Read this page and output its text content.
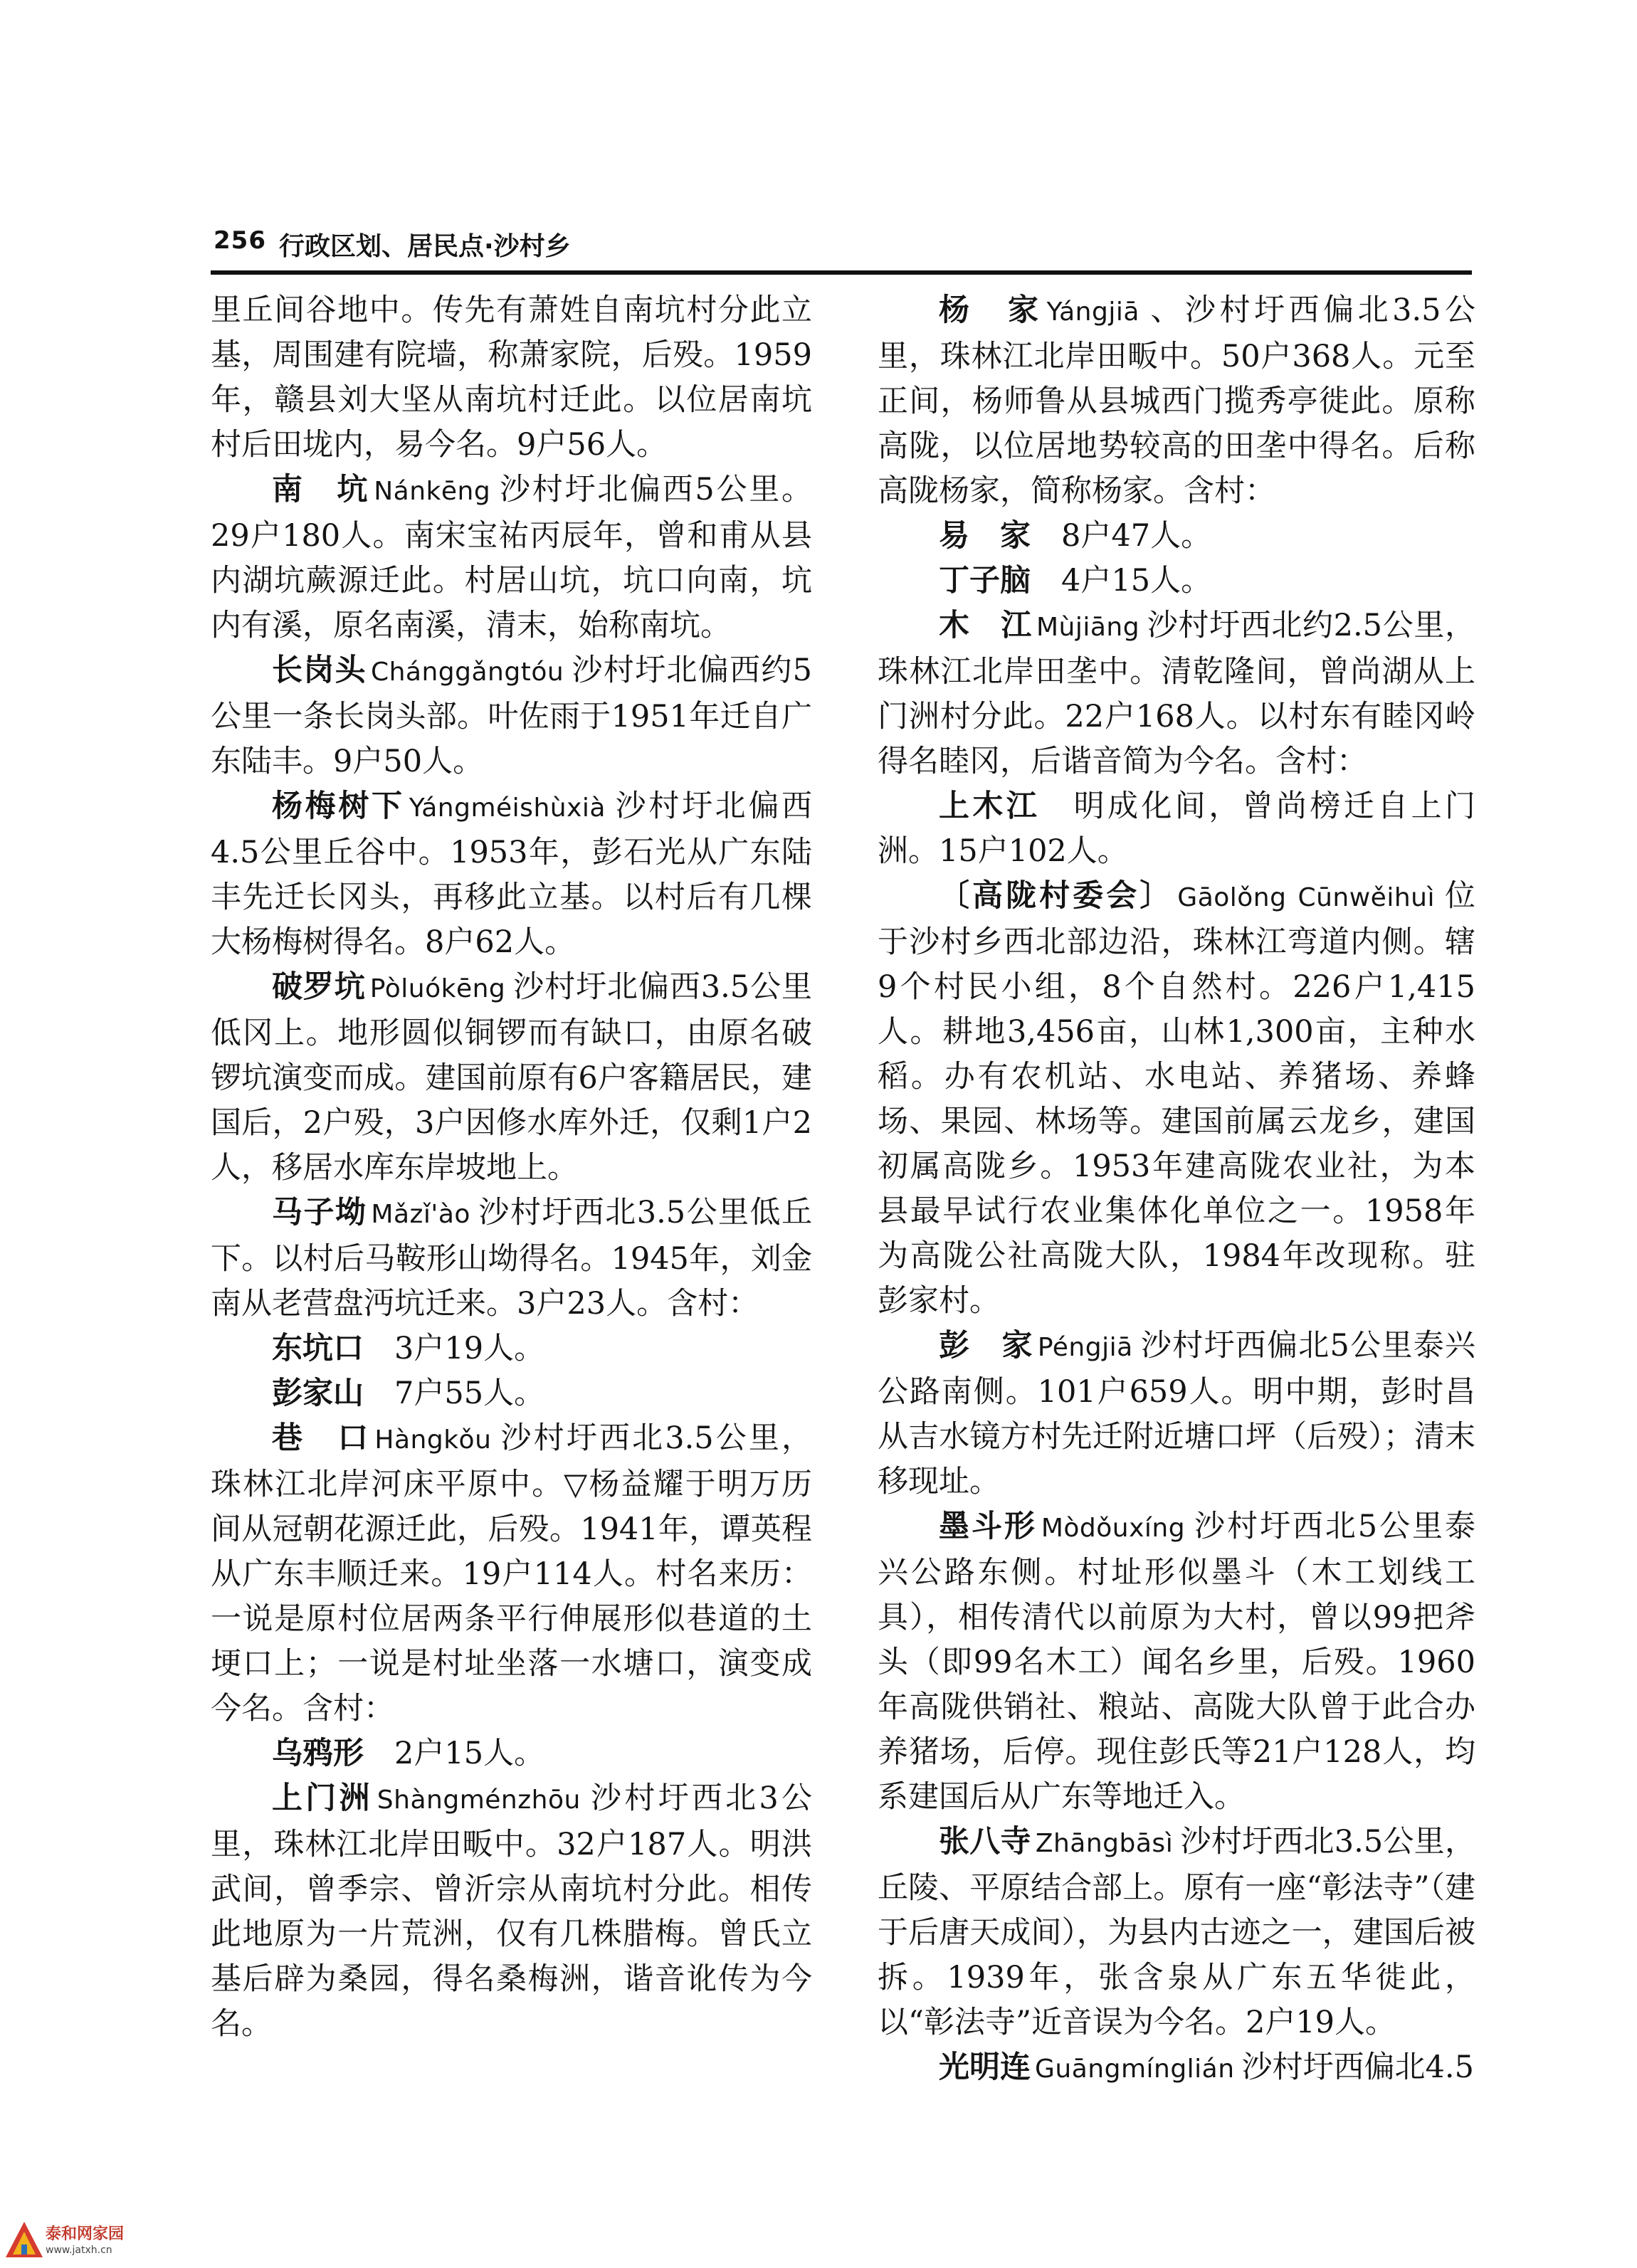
256 行政区划、居民点·沙村乡

里丘间谷地中。传先有萧姓自南坑村分此立基，周围建有院墙，称萧家院，后殁。1959年，赣县刘大坚从南坑村迁此。以位居南坑村后田垅内，易今名。9户56人。

南　坑 Nánkēng 沙村圩北偏西5公里。29户180人。南宋宝祐丙辰年，曾和甫从县内湖坑蕨源迁此。村居山坑，坑口向南，坑内有溪，原名南溪，清末，始称南坑。

长岗头 Chánggǎngtóu 沙村圩北偏西约5公里一条长岗头部。叶佐雨于1951年迁自广东陆丰。9户50人。

杨梅树下 Yángméishùxià 沙村圩北偏西4.5公里丘谷中。1953年，彭石光从广东陆丰先迁长冈头，再移此立基。以村后有几棵大杨梅树得名。8户62人。

破罗坑 Pòluókēng 沙村圩北偏西3.5公里低冈上。地形圆似铜锣而有缺口，由原名破锣坑演变而成。建国前原有6户客籍居民，建国后，2户殁，3户因修水库外迁，仅剩1户2人，移居水库东岸坡地上。

马子坳 Mǎzǐ'ào 沙村圩西北3.5公里低丘下。以村后马鞍形山坳得名。1945年，刘金南从老营盘沔坑迁来。3户23人。含村：

东坑口　 3户19人。

彭家山　 7户55人。

巷　口 Hàngkǒu 沙村圩西北3.5公里，珠林江北岸河床平原中。▽杨益耀于明万历间从冠朝花源迁此，后殁。1941年，谭英程从广东丰顺迁来。19户114人。村名来历：一说是原村位居两条平行伸展形似巷道的土埂口上；一说是村址坐落一水塘口，演变成今名。含村：

乌鸦形　 2户15人。

上门洲 Shàngménzhōu 沙村圩西北3公里，珠林江北岸田畈中。32户187人。明洪武间，曾季宗、曾沂宗从南坑村分此。相传此地原为一片荒洲，仅有几株腊梅。曾氏立基后辟为桑园，得名桑梅洲，谐音讹传为今名。

杨　家 Yángjiā 、沙村圩西偏北3.5公里，珠林江北岸田畈中。50户368人。元至正间，杨师鲁从县城西门揽秀亭徙此。原称高陇，以位居地势较高的田垄中得名。后称高陇杨家，简称杨家。含村：

易　家　 8户47人。

丁子脑　 4户15人。

木　江 Mùjiāng 沙村圩西北约2.5公里，珠林江北岸田垄中。清乾隆间，曾尚湖从上门洲村分此。22户168人。以村东有睦冈岭得名睦冈，后谐音简为今名。含村：

上木江　 明成化间，曾尚榜迁自上门洲。15户102人。

〔高陇村委会〕 Gāolǒng Cūnwěihuì 位于沙村乡西北部边沿，珠林江弯道内侧。辖9个村民小组，8个自然村。226户1,415人。耕地3,456亩，山林1,300亩，主种水稻。办有农机站、水电站、养猪场、养蜂场、果园、林场等。建国前属云龙乡，建国初属高陇乡。1953年建高陇农业社，为本县最早试行农业集体化单位之一。1958年为高陇公社高陇大队，1984年改现称。驻彭家村。

彭　家 Péngjiā 沙村圩西偏北5公里泰兴公路南侧。101户659人。明中期，彭时昌从吉水镜方村先迁附近塘口坪（后殁）；清末移现址。

墨斗形 Mòdǒuxíng 沙村圩西北5公里泰兴公路东侧。村址形似墨斗（木工划线工具），相传清代以前原为大村，曾以99把斧头（即99名木工）闻名乡里，后殁。1960年高陇供销社、粮站、高陇大队曾于此合办养猪场，后停。现住彭氏等21户128人，均系建国后从广东等地迁入。

张八寺 Zhāngbāsì 沙村圩西北3.5公里，丘陵、平原结合部上。原有一座“彰法寺”（建于后唐天成间），为县内古迹之一，建国后被拆。1939年，张含泉从广东五华徙此，以“彰法寺”近音误为今名。2户19人。

光明连 Guāngmínglián 沙村圩西偏北4.5

泰和网家园
www.jatxh.cn
